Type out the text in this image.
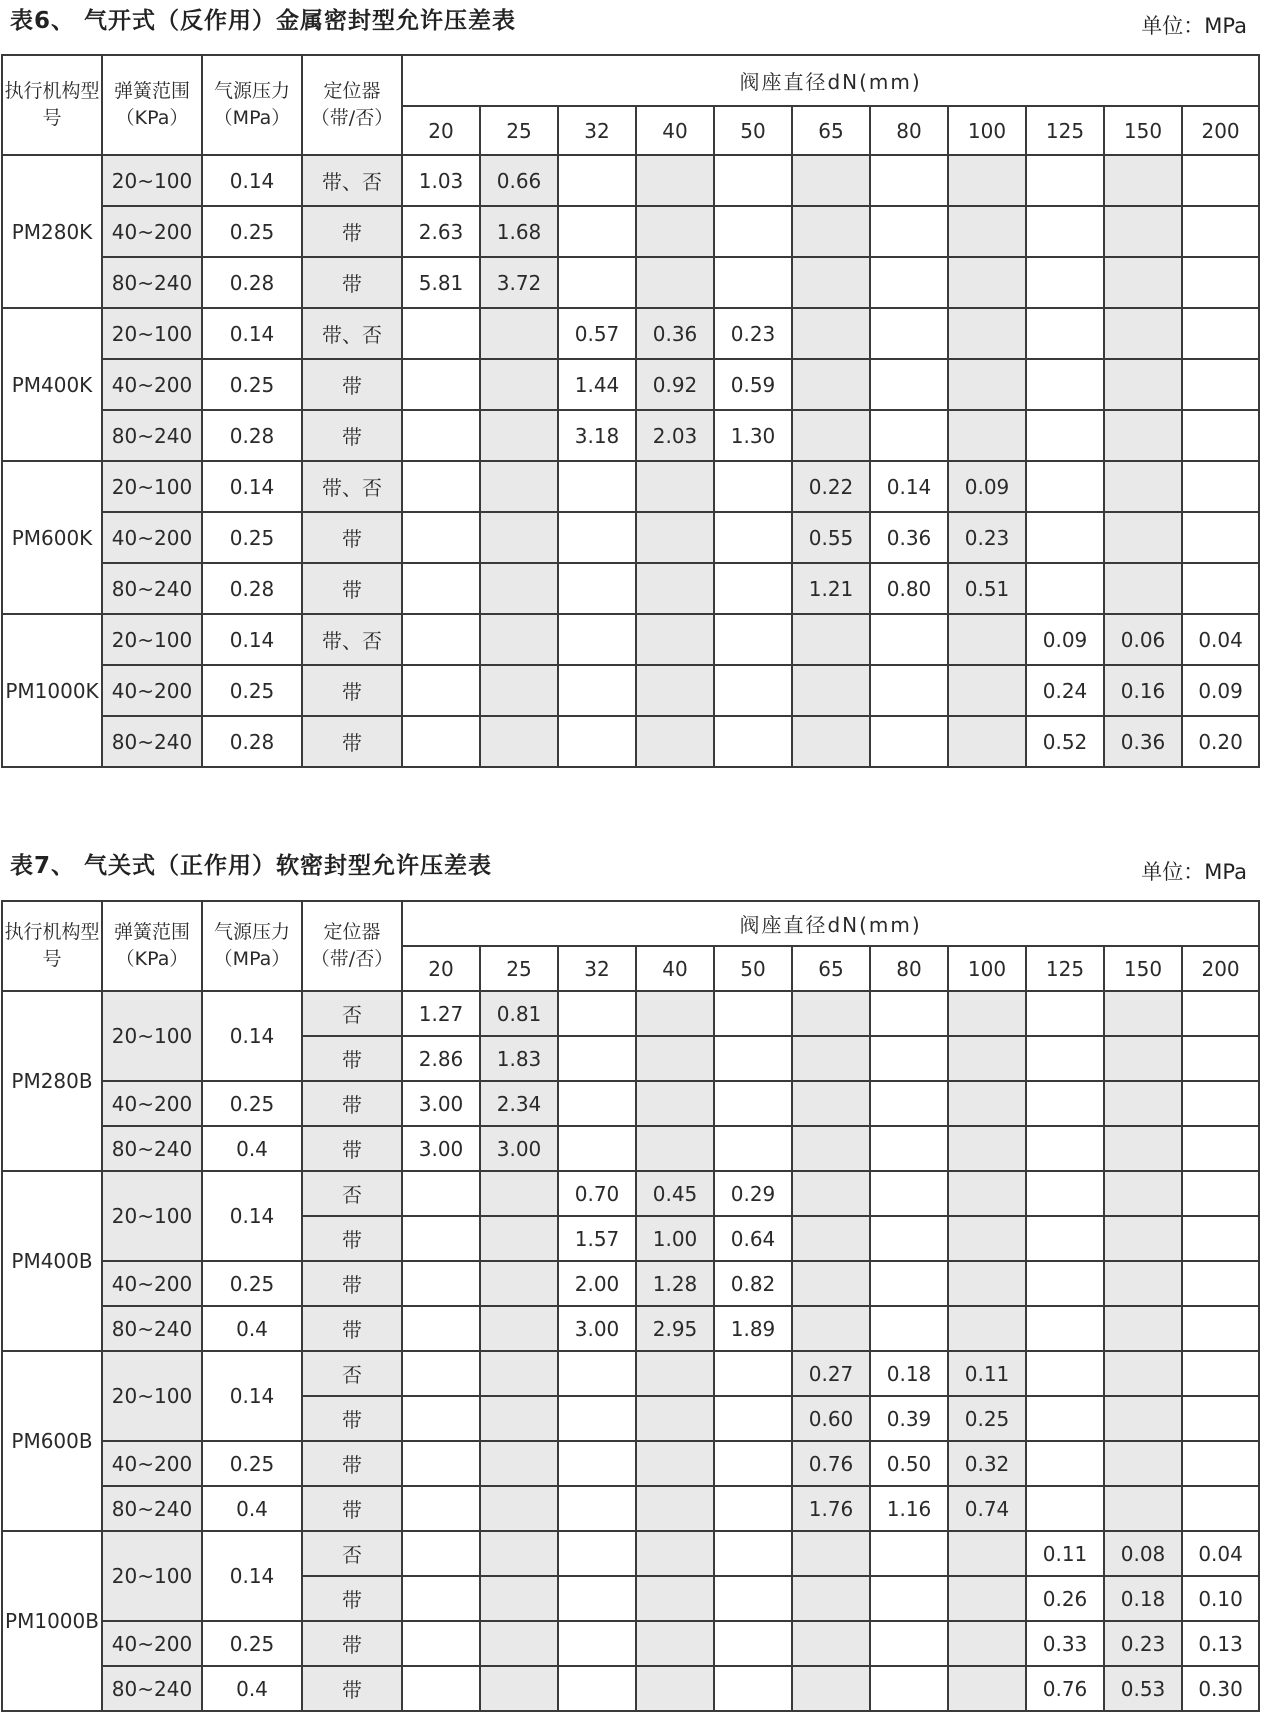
表6、 气开式（反作用）金属密封型允许压差表	单位：MPa
执行机构型　号	弹簧范围（KPa）	气源压力（MPa）	定位器（带/否）	阀座直径dN(mm)										
				20	25	32	40	50	65	80	100	125	150	200
PM280K	20~100	0.14	带、否	1.03	0.66									
	40~200	0.25	带	2.63	1.68									
	80~240	0.28	带	5.81	3.72									
PM400K	20~100	0.14	带、否			0.57	0.36	0.23						
	40~200	0.25	带			1.44	0.92	0.59						
	80~240	0.28	带			3.18	2.03	1.30						
PM600K	20~100	0.14	带、否						0.22	0.14	0.09			
	40~200	0.25	带						0.55	0.36	0.23			
	80~240	0.28	带						1.21	0.80	0.51			
PM1000K	20~100	0.14	带、否									0.09	0.06	0.04
	40~200	0.25	带									0.24	0.16	0.09
	80~240	0.28	带									0.52	0.36	0.20
表7、 气关式（正作用）软密封型允许压差表	单位：MPa
执行机构型　号	弹簧范围（KPa）	气源压力（MPa）	定位器（带/否）	阀座直径dN(mm)										
				20	25	32	40	50	65	80	100	125	150	200
PM280B	20~100	0.14	否	1.27	0.81									
			带	2.86	1.83									
	40~200	0.25	带	3.00	2.34									
	80~240	0.4	带	3.00	3.00									
PM400B	20~100	0.14	否			0.70	0.45	0.29						
			带			1.57	1.00	0.64						
	40~200	0.25	带			2.00	1.28	0.82						
	80~240	0.4	带			3.00	2.95	1.89						
PM600B	20~100	0.14	否						0.27	0.18	0.11			
			带						0.60	0.39	0.25			
	40~200	0.25	带						0.76	0.50	0.32			
	80~240	0.4	带						1.76	1.16	0.74			
PM1000B	20~100	0.14	否									0.11	0.08	0.04
			带									0.26	0.18	0.10
	40~200	0.25	带									0.33	0.23	0.13
	80~240	0.4	带									0.76	0.53	0.30
